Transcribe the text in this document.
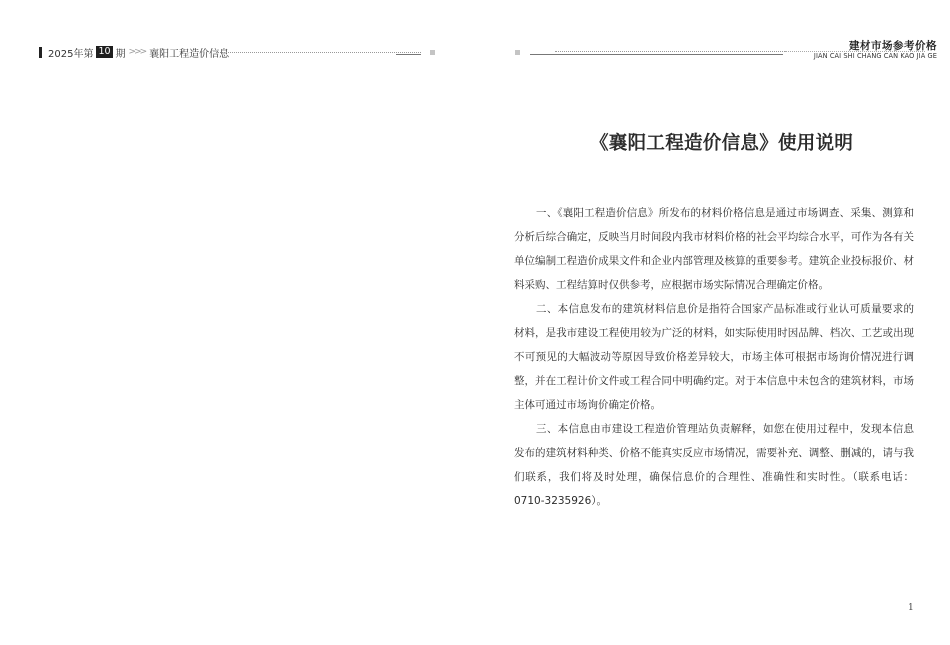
2025年第 10 期 >>> 襄阳工程造价信息
建材市场参考价格
JIAN CAI SHI CHANG CAN KAO JIA GE
《襄阳工程造价信息》使用说明

一、《襄阳工程造价信息》所发布的材料价格信息是通过市场调查、采集、测算和分析后综合确定，反映当月时间段内我市材料价格的社会平均综合水平，可作为各有关单位编制工程造价成果文件和企业内部管理及核算的重要参考。建筑企业投标报价、材料采购、工程结算时仅供参考，应根据市场实际情况合理确定价格。

二、本信息发布的建筑材料信息价是指符合国家产品标准或行业认可质量要求的材料，是我市建设工程使用较为广泛的材料，如实际使用时因品牌、档次、工艺或出现不可预见的大幅波动等原因导致价格差异较大，市场主体可根据市场询价情况进行调整，并在工程计价文件或工程合同中明确约定。对于本信息中未包含的建筑材料，市场主体可通过市场询价确定价格。

三、本信息由市建设工程造价管理站负责解释，如您在使用过程中，发现本信息发布的建筑材料种类、价格不能真实反应市场情况，需要补充、调整、删减的，请与我们联系，我们将及时处理，确保信息价的合理性、准确性和实时性。（联系电话：0710-3235926）。

1
